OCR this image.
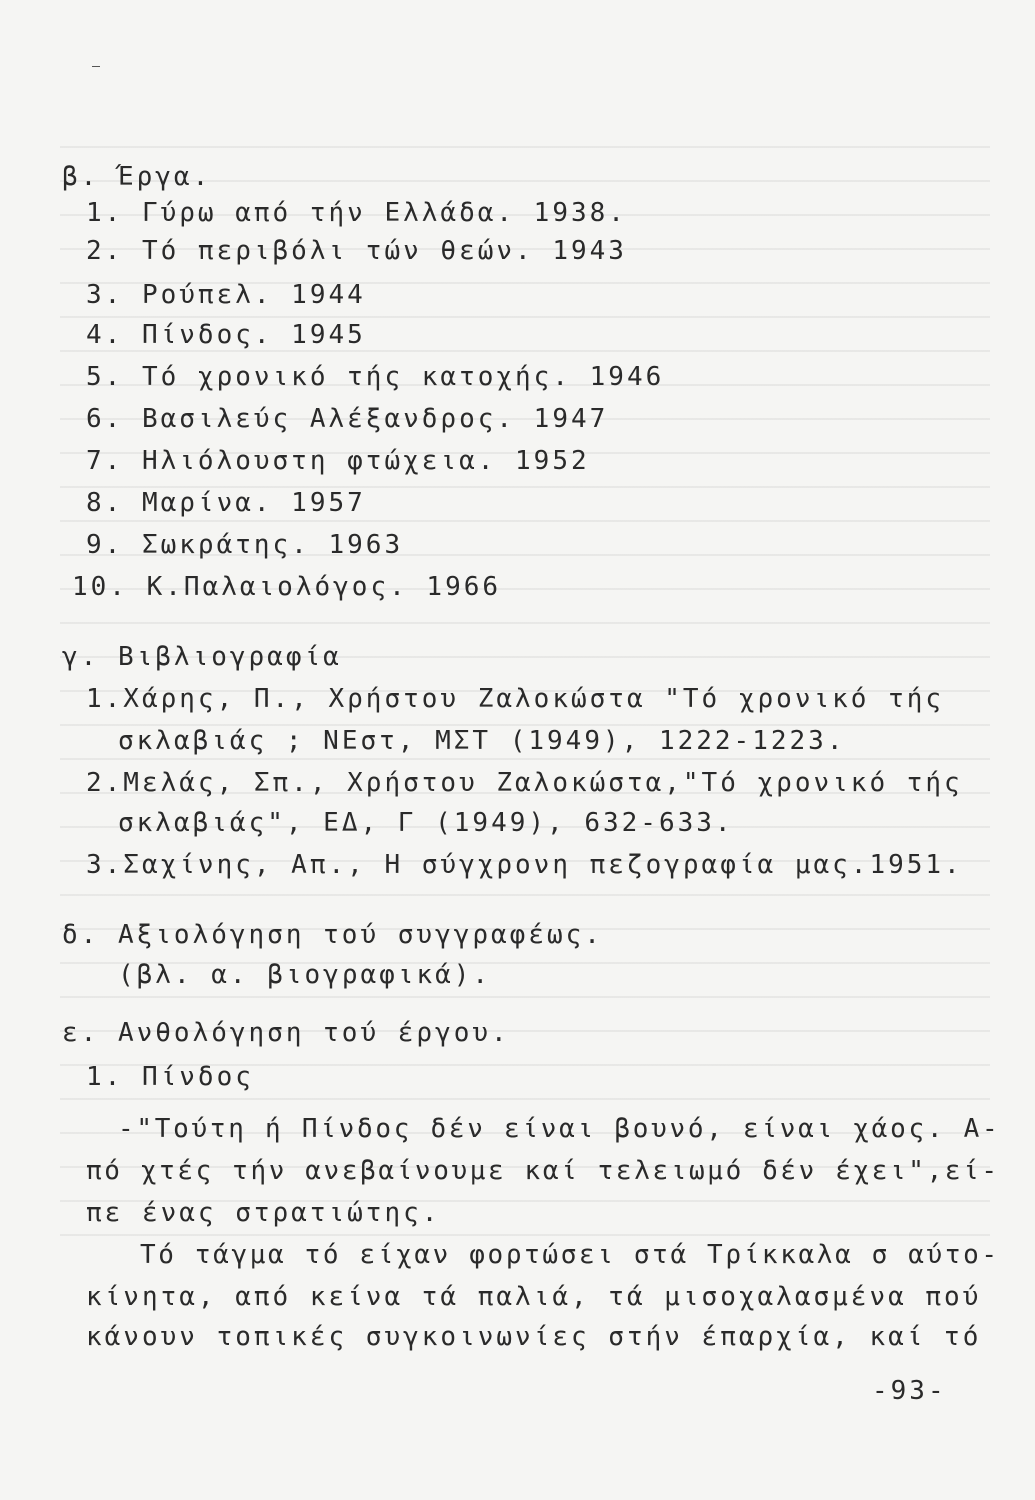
β. Έργα.
1. Γύρω από τήν Ελλάδα. 1938.
2. Τό περιβόλι τών θεών. 1943
3. Ρούπελ. 1944
4. Πίνδος. 1945
5. Τό χρονικό τής κατοχής. 1946
6. Βασιλεύς Αλέξανδρος. 1947
7. Ηλιόλουστη φτώχεια. 1952
8. Μαρίνα. 1957
9. Σωκράτης. 1963
10. Κ.Παλαιολόγος. 1966
γ. Βιβλιογραφία
1.Χάρης, Π., Χρήστου Ζαλοκώστα "Τό χρονικό τής
σκλαβιάς ; ΝΕστ, ΜΣΤ (1949), 1222-1223.
2.Μελάς, Σπ., Χρήστου Ζαλοκώστα,"Τό χρονικό τής
σκλαβιάς", ΕΔ, Γ (1949), 632-633.
3.Σαχίνης, Απ., Η σύγχρονη πεζογραφία μας.1951.
δ. Αξιολόγηση τού συγγραφέως.
(βλ. α. βιογραφικά).
ε. Ανθολόγηση τού έργου.
1. Πίνδος
-"Τούτη ή Πίνδος δέν είναι βουνό, είναι χάος. Α-
πό χτές τήν ανεβαίνουμε καί τελειωμό δέν έχει",εί-
πε ένας στρατιώτης.
Τό τάγμα τό είχαν φορτώσει στά Τρίκκαλα σ αύτο-
κίνητα, από κείνα τά παλιά, τά μισοχαλασμένα πού
κάνουν τοπικές συγκοινωνίες στήν έπαρχία, καί τό
-93-
